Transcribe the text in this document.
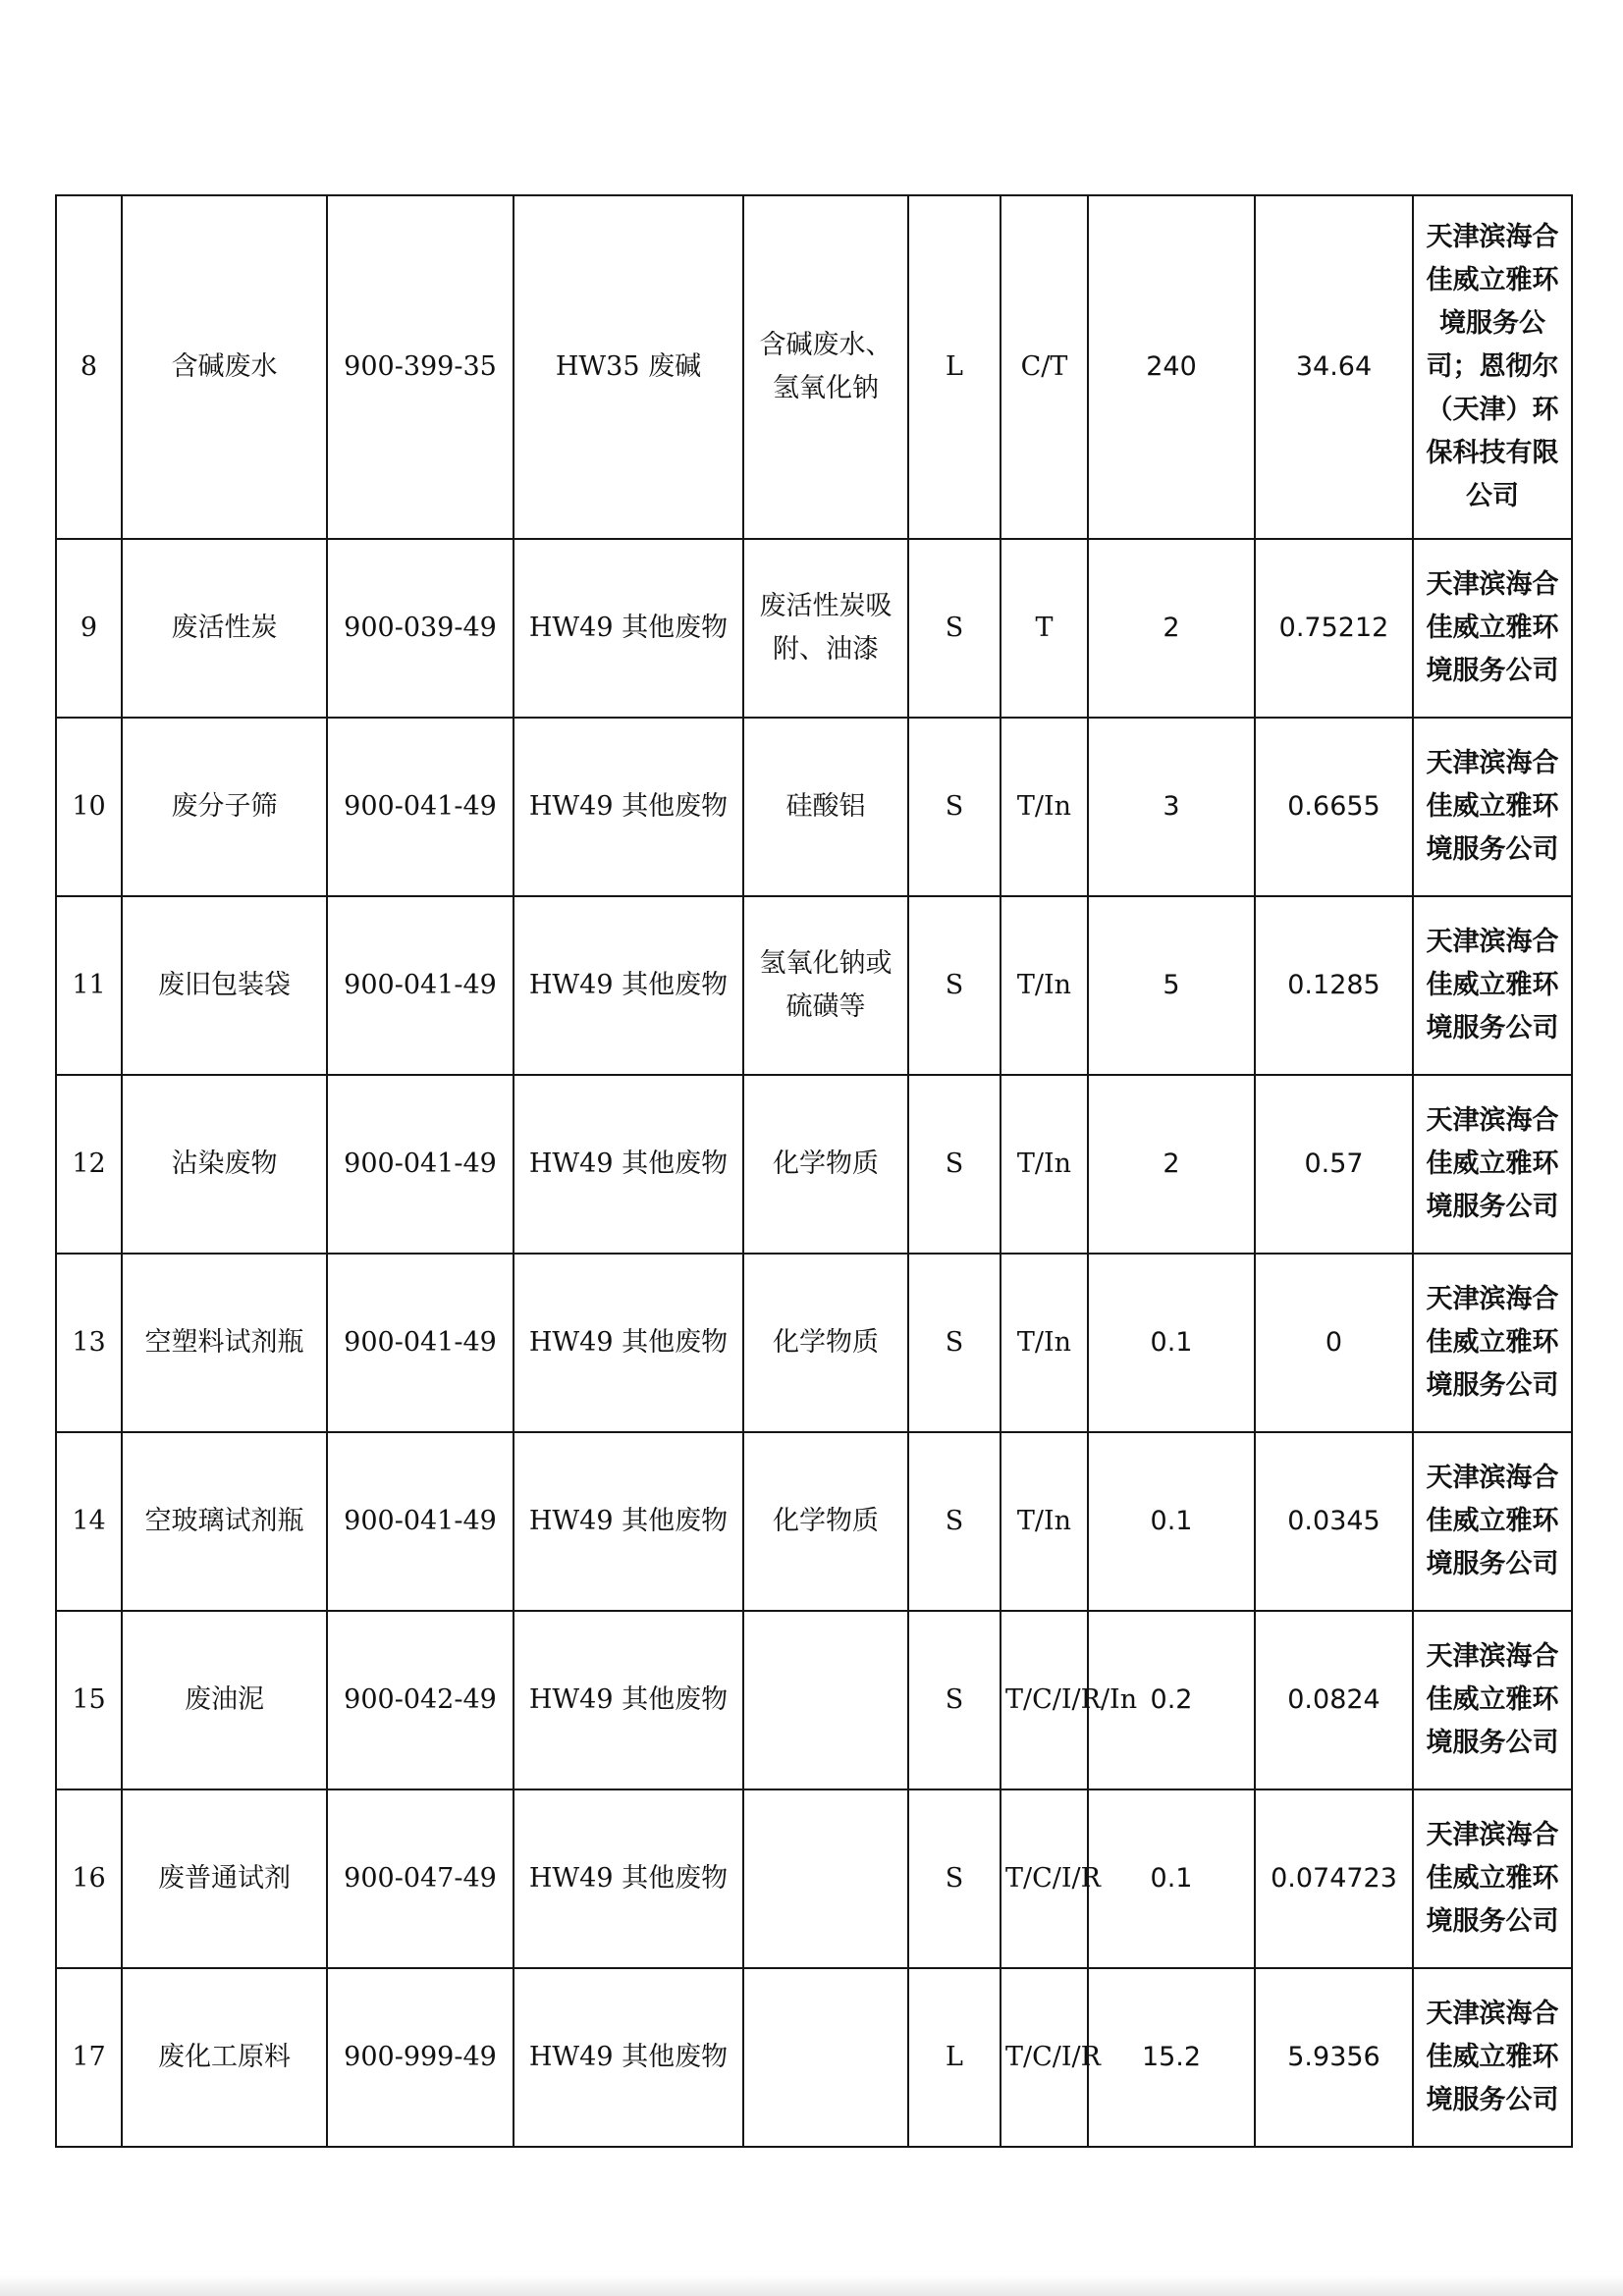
8	含碱废水	900-399-35	HW35 废碱	含碱废水、氢氧化钠	L	C/T	240	34.64	天津滨海合佳威立雅环境服务公司；恩彻尔（天津）环保科技有限公司
9	废活性炭	900-039-49	HW49 其他废物	废活性炭吸附、油漆	S	T	2	0.75212	天津滨海合佳威立雅环境服务公司
10	废分子筛	900-041-49	HW49 其他废物	硅酸铝	S	T/In	3	0.6655	天津滨海合佳威立雅环境服务公司
11	废旧包装袋	900-041-49	HW49 其他废物	氢氧化钠或硫磺等	S	T/In	5	0.1285	天津滨海合佳威立雅环境服务公司
12	沾染废物	900-041-49	HW49 其他废物	化学物质	S	T/In	2	0.57	天津滨海合佳威立雅环境服务公司
13	空塑料试剂瓶	900-041-49	HW49 其他废物	化学物质	S	T/In	0.1	0	天津滨海合佳威立雅环境服务公司
14	空玻璃试剂瓶	900-041-49	HW49 其他废物	化学物质	S	T/In	0.1	0.0345	天津滨海合佳威立雅环境服务公司
15	废油泥	900-042-49	HW49 其他废物		S	T/C/I/R/In	0.2	0.0824	天津滨海合佳威立雅环境服务公司
16	废普通试剂	900-047-49	HW49 其他废物		S	T/C/I/R	0.1	0.074723	天津滨海合佳威立雅环境服务公司
17	废化工原料	900-999-49	HW49 其他废物		L	T/C/I/R	15.2	5.9356	天津滨海合佳威立雅环境服务公司
